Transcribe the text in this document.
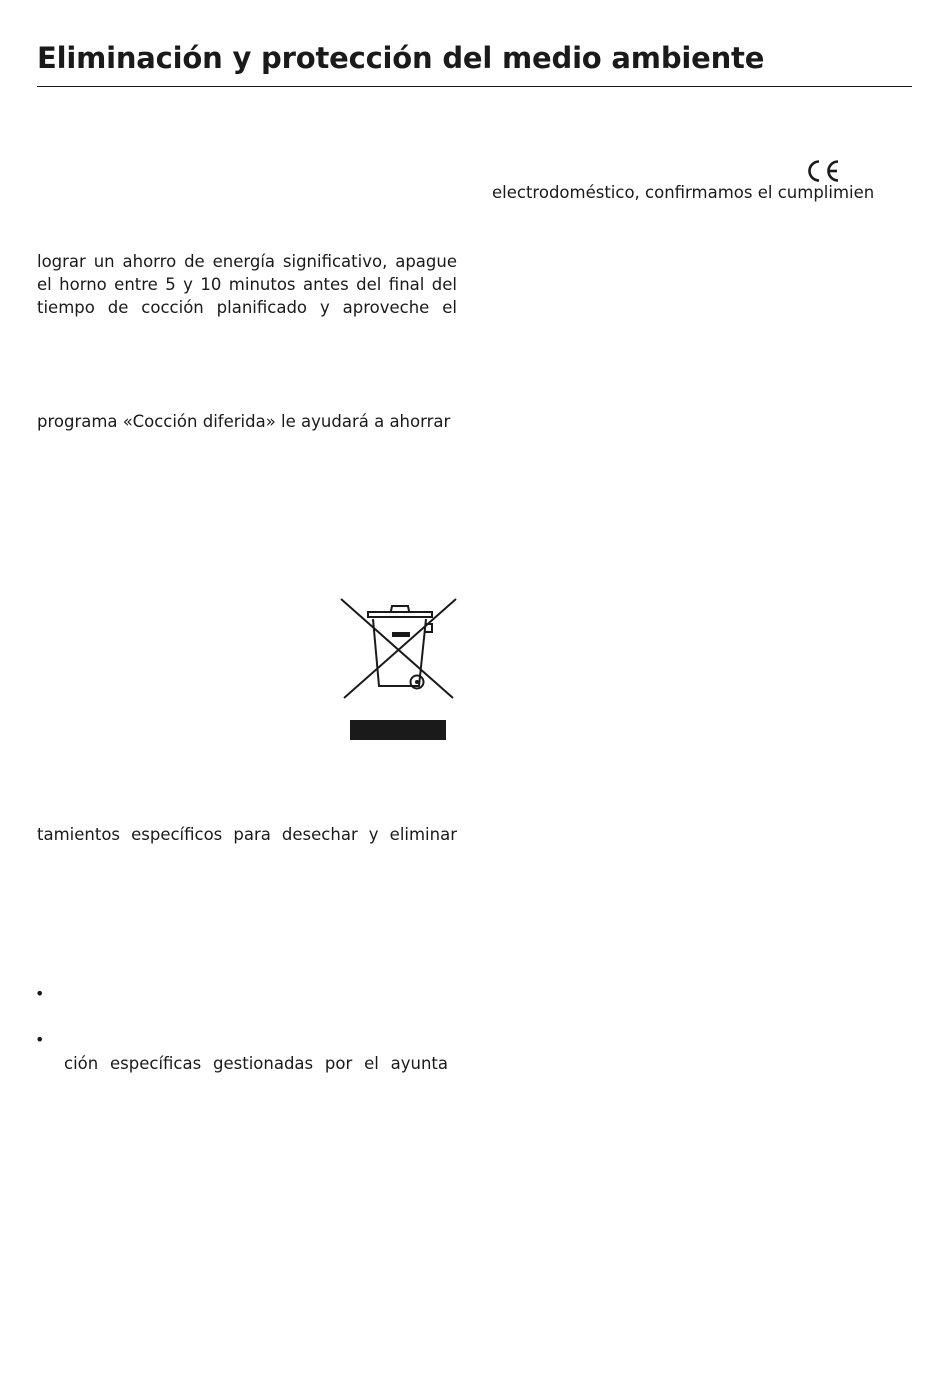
Eliminación y protección del medio ambiente

electrodoméstico, confirmamos el cumplimien

lograr un ahorro de energía significativo, apague
el horno entre 5 y 10 minutos antes del final del
tiempo de cocción planificado y aproveche el

programa «Cocción diferida» le ayudará a ahorrar

tamientos específicos para desechar y eliminar
•
•
ción específicas gestionadas por el ayunta
